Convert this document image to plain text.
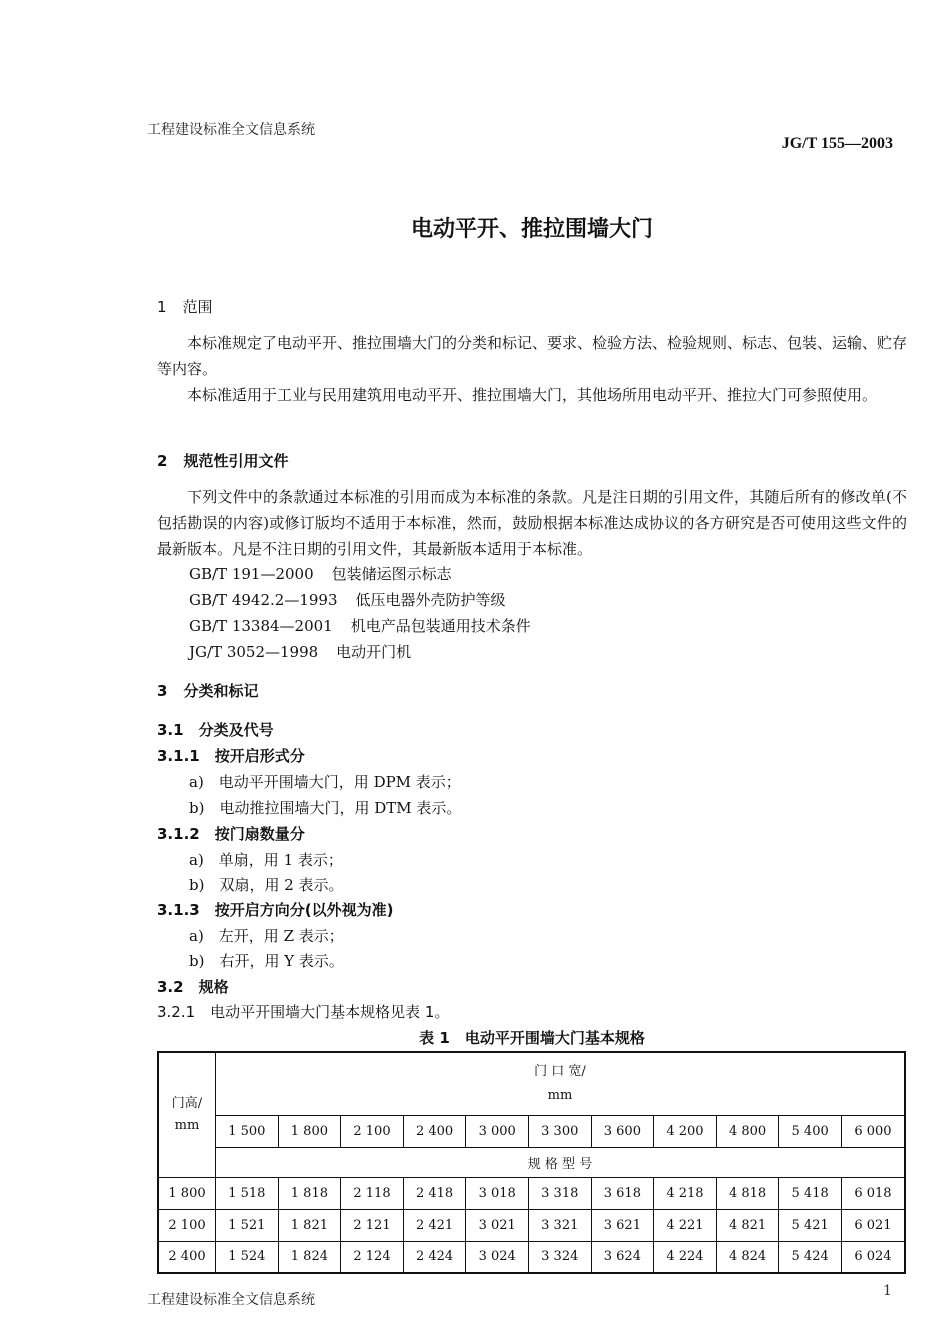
工程建设标准全文信息系统
JG/T 155—2003
电动平开、推拉围墙大门
1 范围
本标准规定了电动平开、推拉围墙大门的分类和标记、要求、检验方法、检验规则、标志、包装、运输、贮存等内容。
本标准适用于工业与民用建筑用电动平开、推拉围墙大门，其他场所用电动平开、推拉大门可参照使用。
2 规范性引用文件
下列文件中的条款通过本标准的引用而成为本标准的条款。凡是注日期的引用文件，其随后所有的修改单(不包括勘误的内容)或修订版均不适用于本标准，然而，鼓励根据本标准达成协议的各方研究是否可使用这些文件的最新版本。凡是不注日期的引用文件，其最新版本适用于本标准。
GB/T 191—2000 包装储运图示标志
GB/T 4942.2—1993 低压电器外壳防护等级
GB/T 13384—2001 机电产品包装通用技术条件
JG/T 3052—1998 电动开门机
3 分类和标记
3.1　分类及代号
3.1.1　按开启形式分
a)　电动平开围墙大门，用 DPM 表示；
b)　电动推拉围墙大门，用 DTM 表示。
3.1.2　按门扇数量分
a)　单扇，用 1 表示；
b)　双扇，用 2 表示。
3.1.3　按开启方向分(以外视为准)
a)　左开，用 Z 表示；
b)　右开，用 Y 表示。
3.2　规格
3.2.1　电动平开围墙大门基本规格见表 1。
表 1　电动平开围墙大门基本规格
门高/mm	门 口 宽/
mm										

	1 500	1 800	2 100	2 400	3 000	3 300	3 600	4 200	4 800	5 400	6 000
	规 格 型 号										
1 800	1 518	1 818	2 118	2 418	3 018	3 318	3 618	4 218	4 818	5 418	6 018
2 100	1 521	1 821	2 121	2 421	3 021	3 321	3 621	4 221	4 821	5 421	6 021
2 400	1 524	1 824	2 124	2 424	3 024	3 324	3 624	4 224	4 824	5 424	6 024
工程建设标准全文信息系统
1
